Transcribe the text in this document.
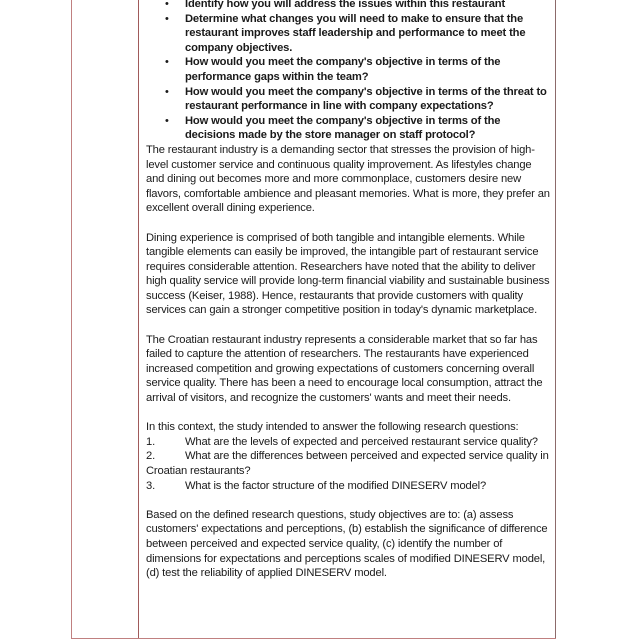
• Identify how you will address the issues within this restaurant
• Determine what changes you will need to make to ensure that the restaurant improves staff leadership and performance to meet the company objectives.
• How would you meet the company's objective in terms of the performance gaps within the team?
• How would you meet the company's objective in terms of the threat to restaurant performance in line with company expectations?
• How would you meet the company's objective in terms of the decisions made by the store manager on staff protocol?

The restaurant industry is a demanding sector that stresses the provision of high-level customer service and continuous quality improvement. As lifestyles change and dining out becomes more and more commonplace, customers desire new flavors, comfortable ambience and pleasant memories. What is more, they prefer an excellent overall dining experience.

Dining experience is comprised of both tangible and intangible elements. While tangible elements can easily be improved, the intangible part of restaurant service requires considerable attention. Researchers have noted that the ability to deliver high quality service will provide long-term financial viability and sustainable business success (Keiser, 1988). Hence, restaurants that provide customers with quality services can gain a stronger competitive position in today's dynamic marketplace.

The Croatian restaurant industry represents a considerable market that so far has failed to capture the attention of researchers. The restaurants have experienced increased competition and growing expectations of customers concerning overall service quality. There has been a need to encourage local consumption, attract the arrival of visitors, and recognize the customers' wants and meet their needs.

In this context, the study intended to answer the following research questions:
1.	What are the levels of expected and perceived restaurant service quality?
2.	What are the differences between perceived and expected service quality in Croatian restaurants?
3.	What is the factor structure of the modified DINESERV model?

Based on the defined research questions, study objectives are to: (a) assess customers' expectations and perceptions, (b) establish the significance of difference between perceived and expected service quality, (c) identify the number of dimensions for expectations and perceptions scales of modified DINESERV model, (d) test the reliability of applied DINESERV model.
